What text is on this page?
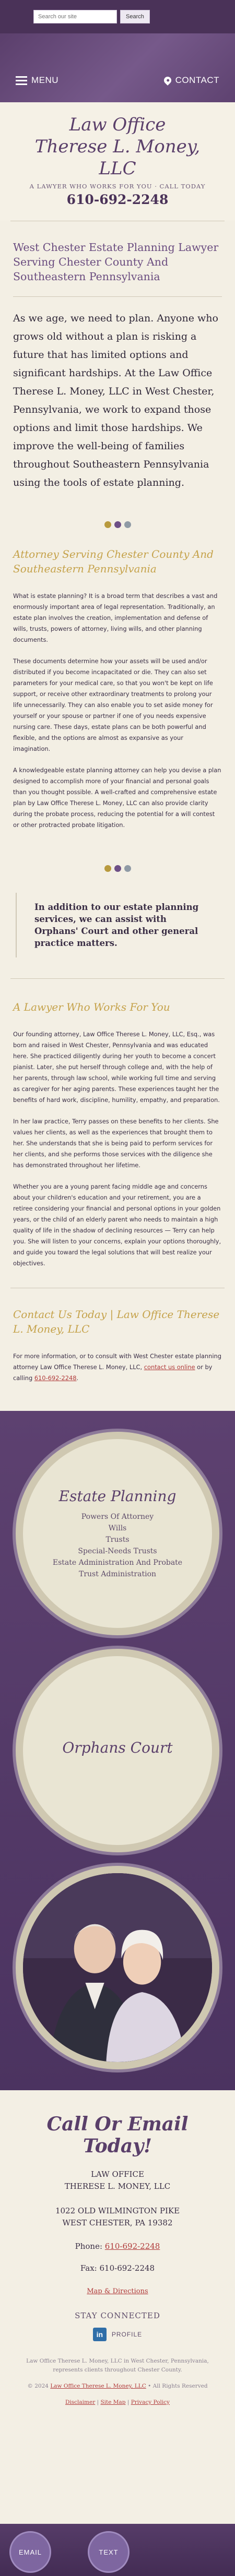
Search our site
Search
MENU	CONTACT
Law Office
Therese L. Money, LLC
A LAWYER WHO WORKS FOR YOU · CALL TODAY
610-692-2248
West Chester Estate Planning Lawyer Serving Chester County And Southeastern Pennsylvania

As we age, we need to plan. Anyone who grows old without a plan is risking a future that has limited options and significant hardships. At the Law Office Therese L. Money, LLC in West Chester, Pennsylvania, we work to expand those options and limit those hardships. We improve the well-being of families throughout Southeastern Pennsylvania using the tools of estate planning.

Attorney Serving Chester County And Southeastern Pennsylvania

What is estate planning? It is a broad term that describes a vast and enormously important area of legal representation. Traditionally, an estate plan involves the creation, implementation and defense of wills, trusts, powers of attorney, living wills, and other planning documents.

These documents determine how your assets will be used and/or distributed if you become incapacitated or die. They can also set parameters for your medical care, so that you won't be kept on life support, or receive other extraordinary treatments to prolong your life unnecessarily. They can also enable you to set aside money for yourself or your spouse or partner if one of you needs expensive nursing care. These days, estate plans can be both powerful and flexible, and the options are almost as expansive as your imagination.

A knowledgeable estate planning attorney can help you devise a plan designed to accomplish more of your financial and personal goals than you thought possible. A well-crafted and comprehensive estate plan by Law Office Therese L. Money, LLC can also provide clarity during the probate process, reducing the potential for a will contest or other protracted probate litigation.

In addition to our estate planning services, we can assist with Orphans' Court and other general practice matters.
A Lawyer Who Works For You

Our founding attorney, Law Office Therese L. Money, LLC, Esq., was born and raised in West Chester, Pennsylvania and was educated here. She practiced diligently during her youth to become a concert pianist. Later, she put herself through college and, with the help of her parents, through law school, while working full time and serving as caregiver for her aging parents. These experiences taught her the benefits of hard work, discipline, humility, empathy, and preparation.

In her law practice, Terry passes on these benefits to her clients. She values her clients, as well as the experiences that brought them to her. She understands that she is being paid to perform services for her clients, and she performs those services with the diligence she has demonstrated throughout her lifetime.

Whether you are a young parent facing middle age and concerns about your children's education and your retirement, you are a retiree considering your financial and personal options in your golden years, or the child of an elderly parent who needs to maintain a high quality of life in the shadow of declining resources — Terry can help you. She will listen to your concerns, explain your options thoroughly, and guide you toward the legal solutions that will best realize your objectives.

Contact Us Today | Law Office Therese L. Money, LLC

For more information, or to consult with West Chester estate planning attorney Law Office Therese L. Money, LLC, contact us online or by calling 610-692-2248.

Estate Planning
Powers Of Attorney
Wills
Trusts
Special-Needs Trusts
Estate Administration And Probate
Trust Administration
Orphans Court
Call Or Email Today!
LAW OFFICE
THERESE L. MONEY, LLC
1022 OLD WILMINGTON PIKE
WEST CHESTER, PA 19382
Phone: 610-692-2248
Fax: 610-692-2248
Map & Directions
STAY CONNECTED
in	PROFILE
Law Office Therese L. Money, LLC in West Chester, Pennsylvania, represents clients throughout Chester County.
© 2024 Law Office Therese L. Money, LLC • All Rights Reserved
Disclaimer | Site Map | Privacy Policy
EMAIL	TEXT
